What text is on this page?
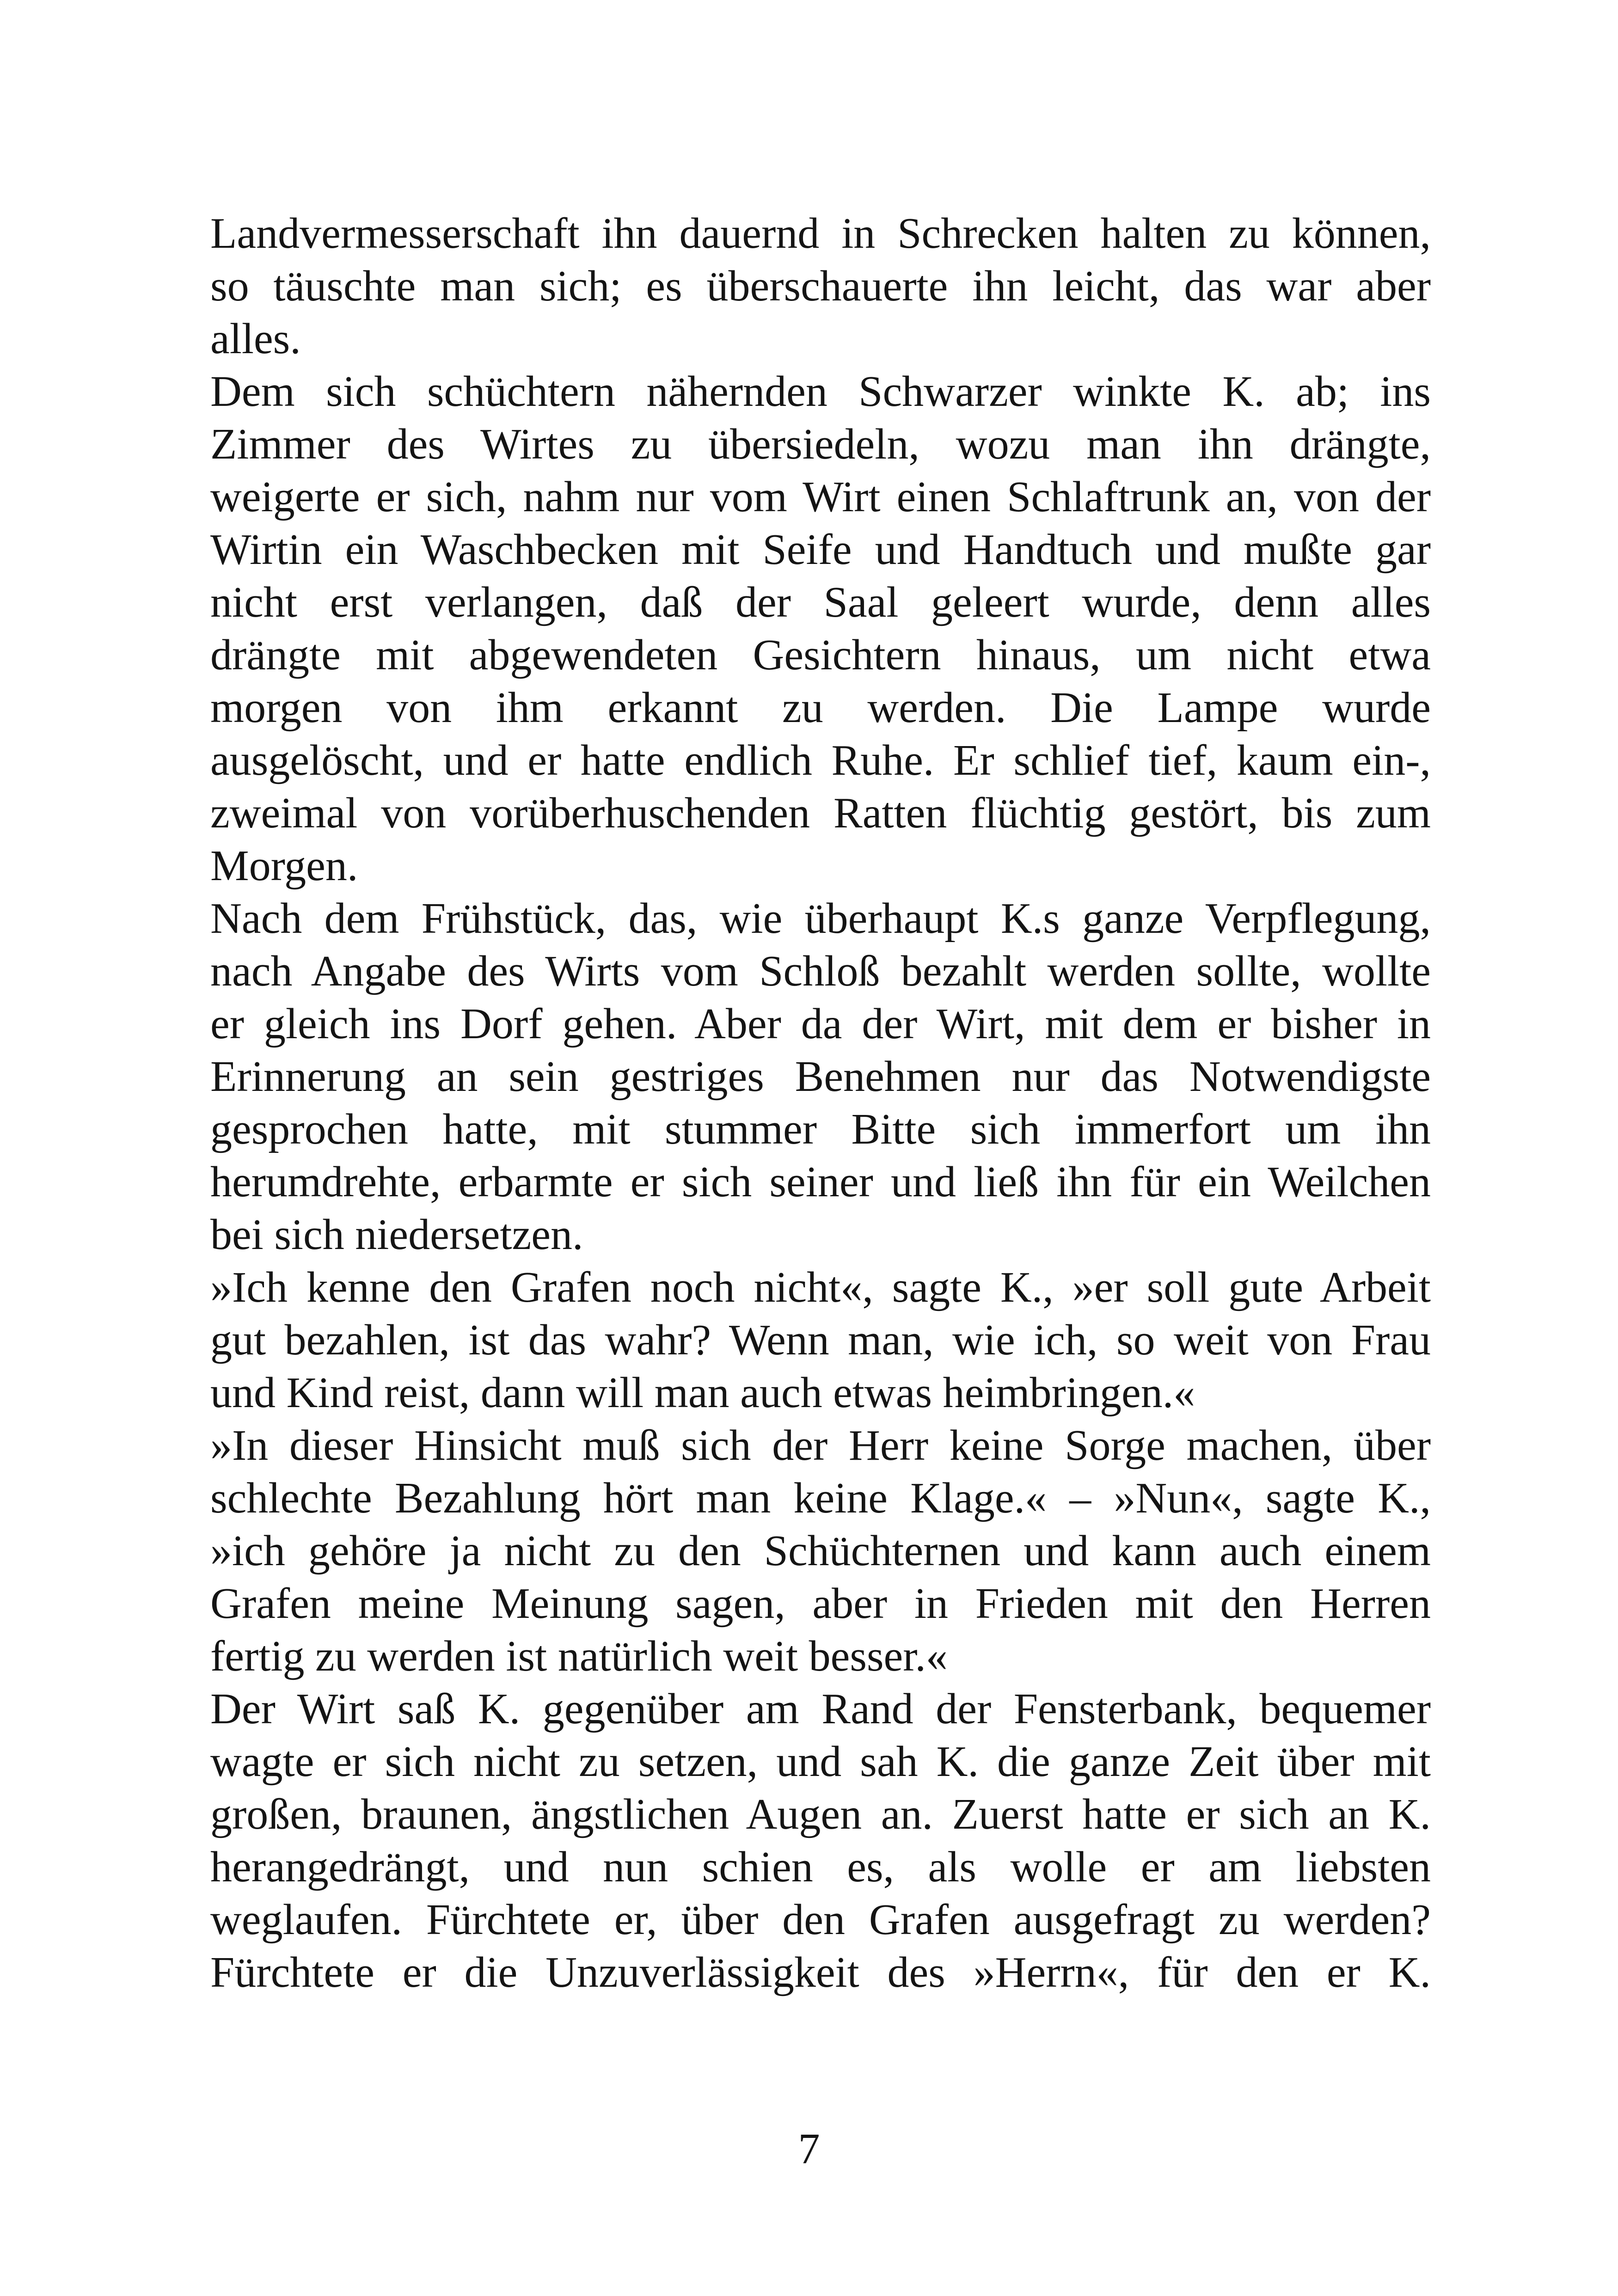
Landvermesserschaft ihn dauernd in Schrecken halten zu können,
so täuschte man sich; es überschauerte ihn leicht, das war aber
alles.
Dem sich schüchtern nähernden Schwarzer winkte K. ab; ins
Zimmer des Wirtes zu übersiedeln, wozu man ihn drängte,
weigerte er sich, nahm nur vom Wirt einen Schlaftrunk an, von der
Wirtin ein Waschbecken mit Seife und Handtuch und mußte gar
nicht erst verlangen, daß der Saal geleert wurde, denn alles
drängte mit abgewendeten Gesichtern hinaus, um nicht etwa
morgen von ihm erkannt zu werden. Die Lampe wurde
ausgelöscht, und er hatte endlich Ruhe. Er schlief tief, kaum ein-,
zweimal von vorüberhuschenden Ratten flüchtig gestört, bis zum
Morgen.
Nach dem Frühstück, das, wie überhaupt K.s ganze Verpflegung,
nach Angabe des Wirts vom Schloß bezahlt werden sollte, wollte
er gleich ins Dorf gehen. Aber da der Wirt, mit dem er bisher in
Erinnerung an sein gestriges Benehmen nur das Notwendigste
gesprochen hatte, mit stummer Bitte sich immerfort um ihn
herumdrehte, erbarmte er sich seiner und ließ ihn für ein Weilchen
bei sich niedersetzen.
»Ich kenne den Grafen noch nicht«, sagte K., »er soll gute Arbeit
gut bezahlen, ist das wahr? Wenn man, wie ich, so weit von Frau
und Kind reist, dann will man auch etwas heimbringen.«
»In dieser Hinsicht muß sich der Herr keine Sorge machen, über
schlechte Bezahlung hört man keine Klage.« – »Nun«, sagte K.,
»ich gehöre ja nicht zu den Schüchternen und kann auch einem
Grafen meine Meinung sagen, aber in Frieden mit den Herren
fertig zu werden ist natürlich weit besser.«
Der Wirt saß K. gegenüber am Rand der Fensterbank, bequemer
wagte er sich nicht zu setzen, und sah K. die ganze Zeit über mit
großen, braunen, ängstlichen Augen an. Zuerst hatte er sich an K.
herangedrängt, und nun schien es, als wolle er am liebsten
weglaufen. Fürchtete er, über den Grafen ausgefragt zu werden?
Fürchtete er die Unzuverlässigkeit des »Herrn«, für den er K.
7
